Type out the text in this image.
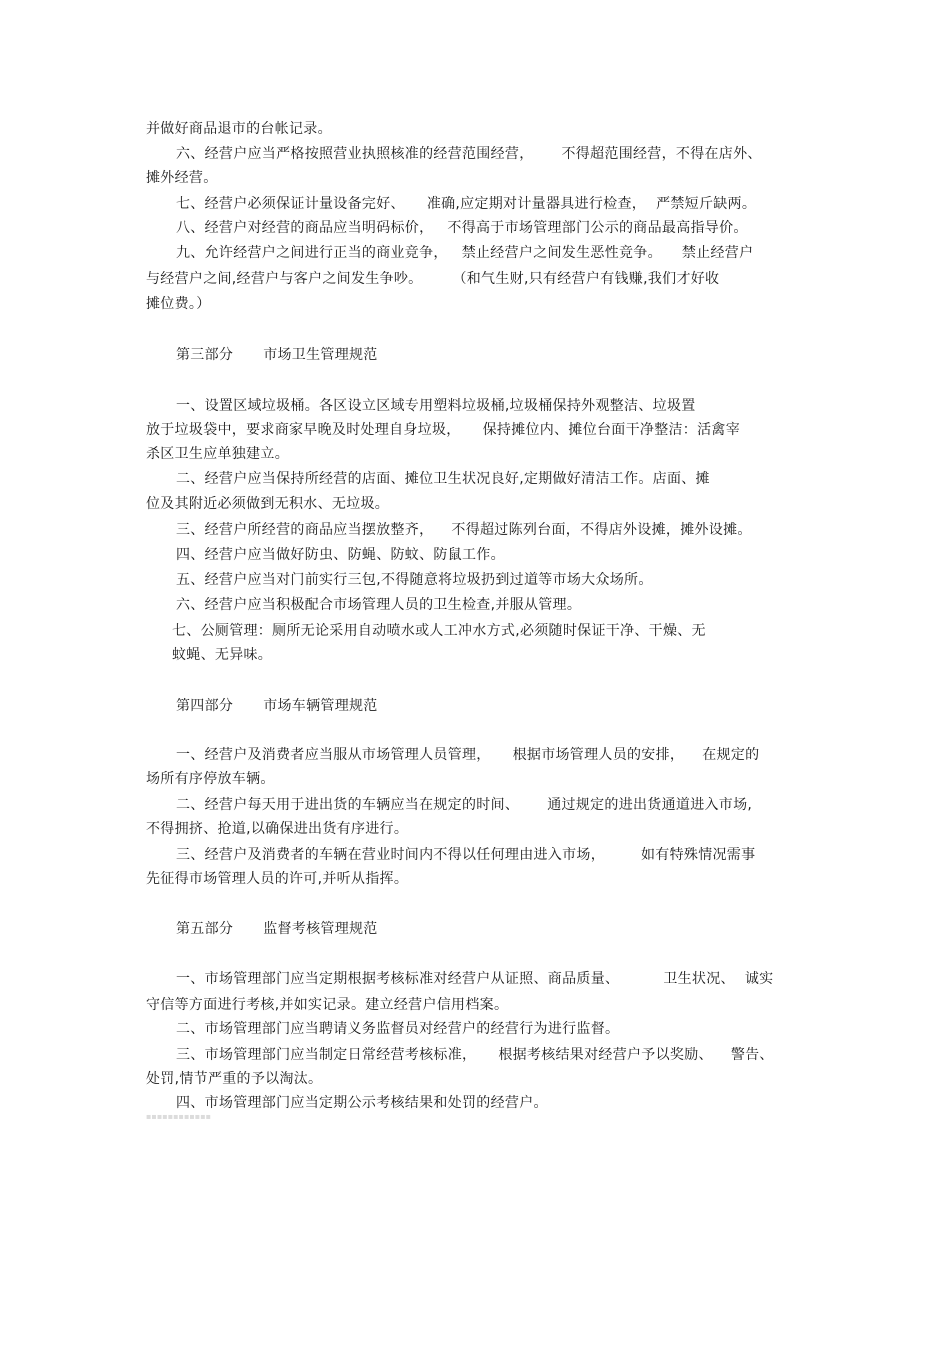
并做好商品退市的台帐记录。
六、经营户应当严格按照营业执照核准的经营范围经营， 不得超范围经营，不得在店外、
摊外经营。
七、经营户必须保证计量设备完好、 准确,应定期对计量器具进行检查， 严禁短斤缺两。
八、经营户对经营的商品应当明码标价， 不得高于市场管理部门公示的商品最高指导价。
九、允许经营户之间进行正当的商业竞争， 禁止经营户之间发生恶性竞争。 禁止经营户
与经营户之间,经营户与客户之间发生争吵。 （和气生财,只有经营户有钱赚,我们才好收
摊位费。）
第三部分 市场卫生管理规范
一、设置区域垃圾桶。各区设立区域专用塑料垃圾桶,垃圾桶保持外观整洁、垃圾置
放于垃圾袋中，要求商家早晚及时处理自身垃圾， 保持摊位内、摊位台面干净整洁：活禽宰
杀区卫生应单独建立。
二、经营户应当保持所经营的店面、摊位卫生状况良好,定期做好清洁工作。店面、摊
位及其附近必须做到无积水、无垃圾。
三、经营户所经营的商品应当摆放整齐， 不得超过陈列台面，不得店外设摊，摊外设摊。
四、经营户应当做好防虫、防蝇、防蚊、防鼠工作。
五、经营户应当对门前实行三包,不得随意将垃圾扔到过道等市场大众场所。
六、经营户应当积极配合市场管理人员的卫生检查,并服从管理。
七、公厕管理：厕所无论采用自动喷水或人工冲水方式,必须随时保证干净、干燥、无
蚊蝇、无异味。
第四部分 市场车辆管理规范
一、经营户及消费者应当服从市场管理人员管理， 根据市场管理人员的安排， 在规定的
场所有序停放车辆。
二、经营户每天用于进出货的车辆应当在规定的时间、 通过规定的进出货通道进入市场,
不得拥挤、抢道,以确保进出货有序进行。
三、经营户及消费者的车辆在营业时间内不得以任何理由进入市场，	如有特殊情况需事
先征得市场管理人员的许可,并听从指挥。
第五部分 监督考核管理规范
一、市场管理部门应当定期根据考核标准对经营户从证照、商品质量、	卫生状况、 诚实
守信等方面进行考核,并如实记录。建立经营户信用档案。
二、市场管理部门应当聘请义务监督员对经营户的经营行为进行监督。
三、市场管理部门应当制定日常经营考核标准， 根据考核结果对经营户予以奖励、 警告、
处罚,情节严重的予以淘汰。
四、市场管理部门应当定期公示考核结果和处罚的经营户。
▪▪▪▪▪▪▪▪▪▪▪▪
